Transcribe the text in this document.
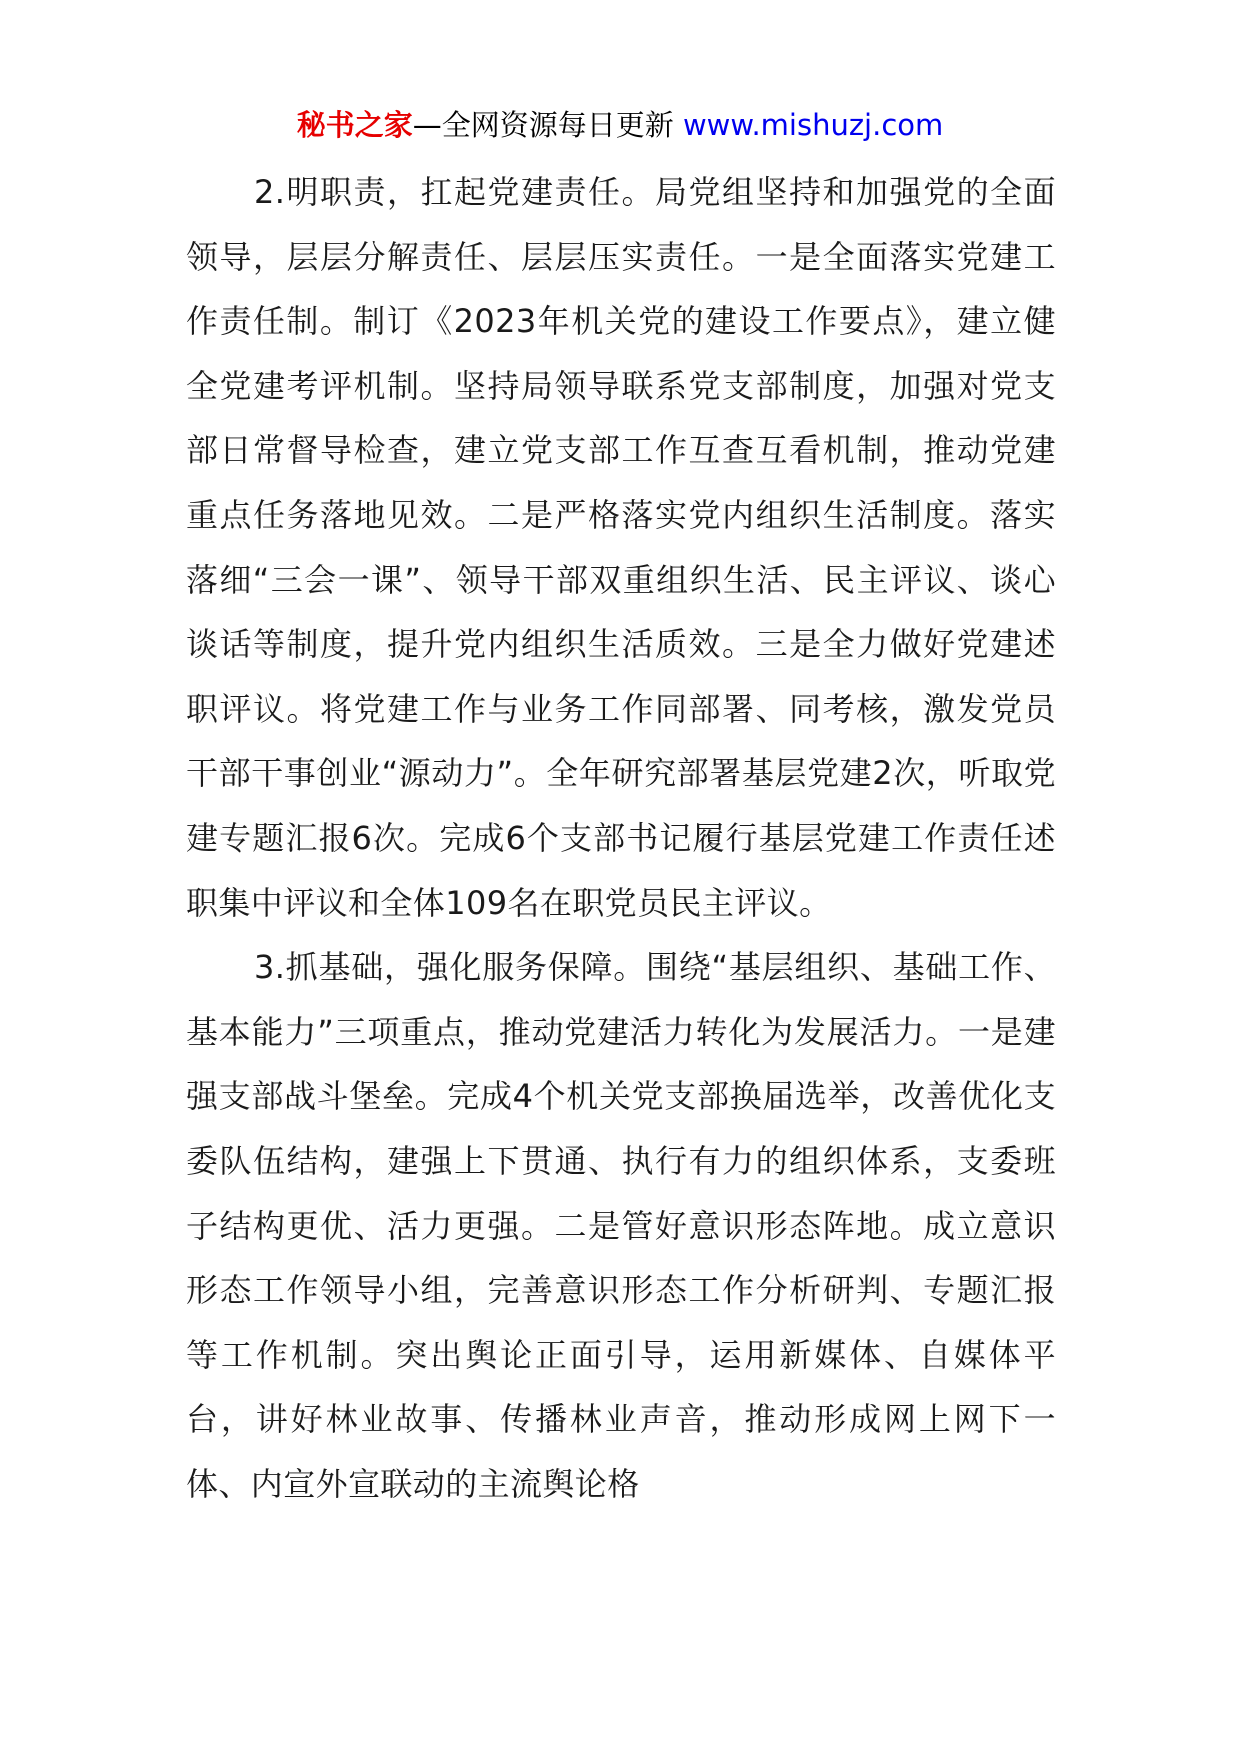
秘书之家—全网资源每日更新 www.mishuzj.com

2.明职责，扛起党建责任。局党组坚持和加强党的全面领导，层层分解责任、层层压实责任。一是全面落实党建工作责任制。制订《2023年机关党的建设工作要点》，建立健全党建考评机制。坚持局领导联系党支部制度，加强对党支部日常督导检查，建立党支部工作互查互看机制，推动党建重点任务落地见效。二是严格落实党内组织生活制度。落实落细“三会一课”、领导干部双重组织生活、民主评议、谈心谈话等制度，提升党内组织生活质效。三是全力做好党建述职评议。将党建工作与业务工作同部署、同考核，激发党员干部干事创业“源动力”。全年研究部署基层党建2次，听取党建专题汇报6次。完成6个支部书记履行基层党建工作责任述职集中评议和全体109名在职党员民主评议。

3.抓基础，强化服务保障。围绕“基层组织、基础工作、基本能力”三项重点，推动党建活力转化为发展活力。一是建强支部战斗堡垒。完成4个机关党支部换届选举，改善优化支委队伍结构，建强上下贯通、执行有力的组织体系，支委班子结构更优、活力更强。二是管好意识形态阵地。成立意识形态工作领导小组，完善意识形态工作分析研判、专题汇报等工作机制。突出舆论正面引导，运用新媒体、自媒体平台，讲好林业故事、传播林业声音，推动形成网上网下一体、内宣外宣联动的主流舆论格
